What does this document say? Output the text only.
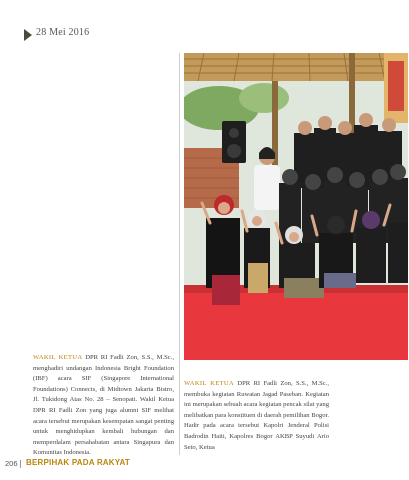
28 Mei 2016
WAKIL KETUA DPR RI Fadli Zon, S.S., M.Sc., menghadiri undangan Indonesia Bright Foundation (IBF) acara SIF (Singapore International Foundations) Connects, di Midtown Jakarta Bistro, Jl. Tukidong Atas No. 28 – Senopati. Wakil Ketua DPR RI Fadli Zon yang juga alumni SIF melihat acara tersebut merupakan kesempatan sangat penting untuk menghidupkan kembali hubungan dan memperdalam persahabatan antara Singapura dan Komunitas Indonesia.
WAKIL KETUA DPR RI Fadli Zon, S.S., M.Sc., membuka kegiatan Ruwatan Jagad Paseban. Kegiatan ini merupakan sebuah acara kegiatan pencak silat yang melibatkan para konstituen di daerah pemilihan Bogor. Hadir pada acara tersebut Kapolri Jenderal Polisi Badrodin Haiti, Kapolres Bogor AKBP Suyudi Ario Seto, Ketua
206 BERPIHAK PADA RAKYAT
